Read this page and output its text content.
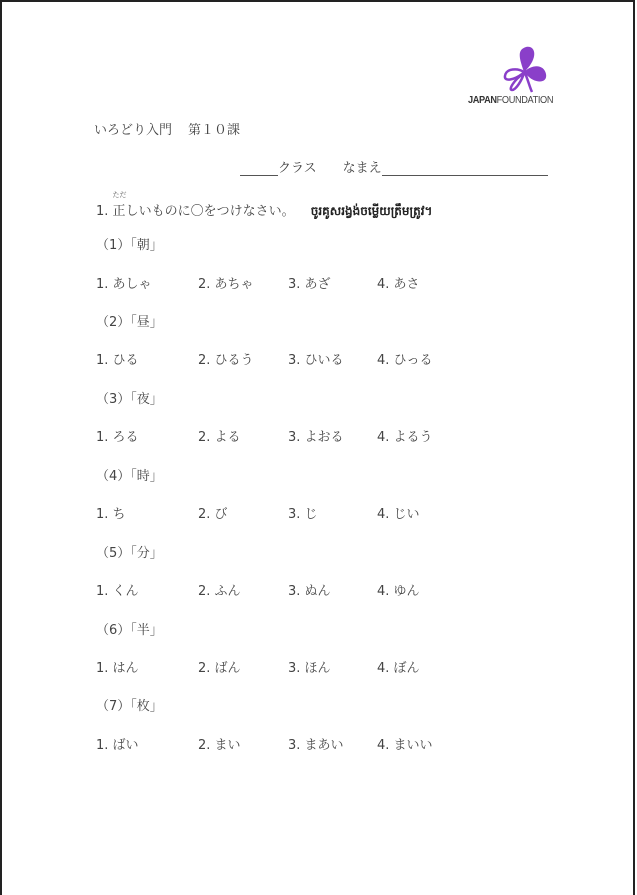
JAPANFOUNDATION
いろどり入門 第１０課
クラス なまえ
1.
ただ
正しいものに〇をつけなさい。 ចូរគូសរង្វង់ចម្លើយត្រឹមត្រូវ។
（1）「朝」
1. あしゃ	2. あちゃ	3. あざ	4. あさ
（2）「昼」
1. ひる	2. ひるう	3. ひいる	4. ひっる
（3）「夜」
1. ろる	2. よる	3. よおる	4. よるう
（4）「時」
1. ち	2. び	3. じ	4. じい
（5）「分」
1. くん	2. ふん	3. ぬん	4. ゆん
（6）「半」
1. はん	2. ばん	3. ほん	4. ぼん
（7）「枚」
1. ばい	2. まい	3. まあい	4. まいい
